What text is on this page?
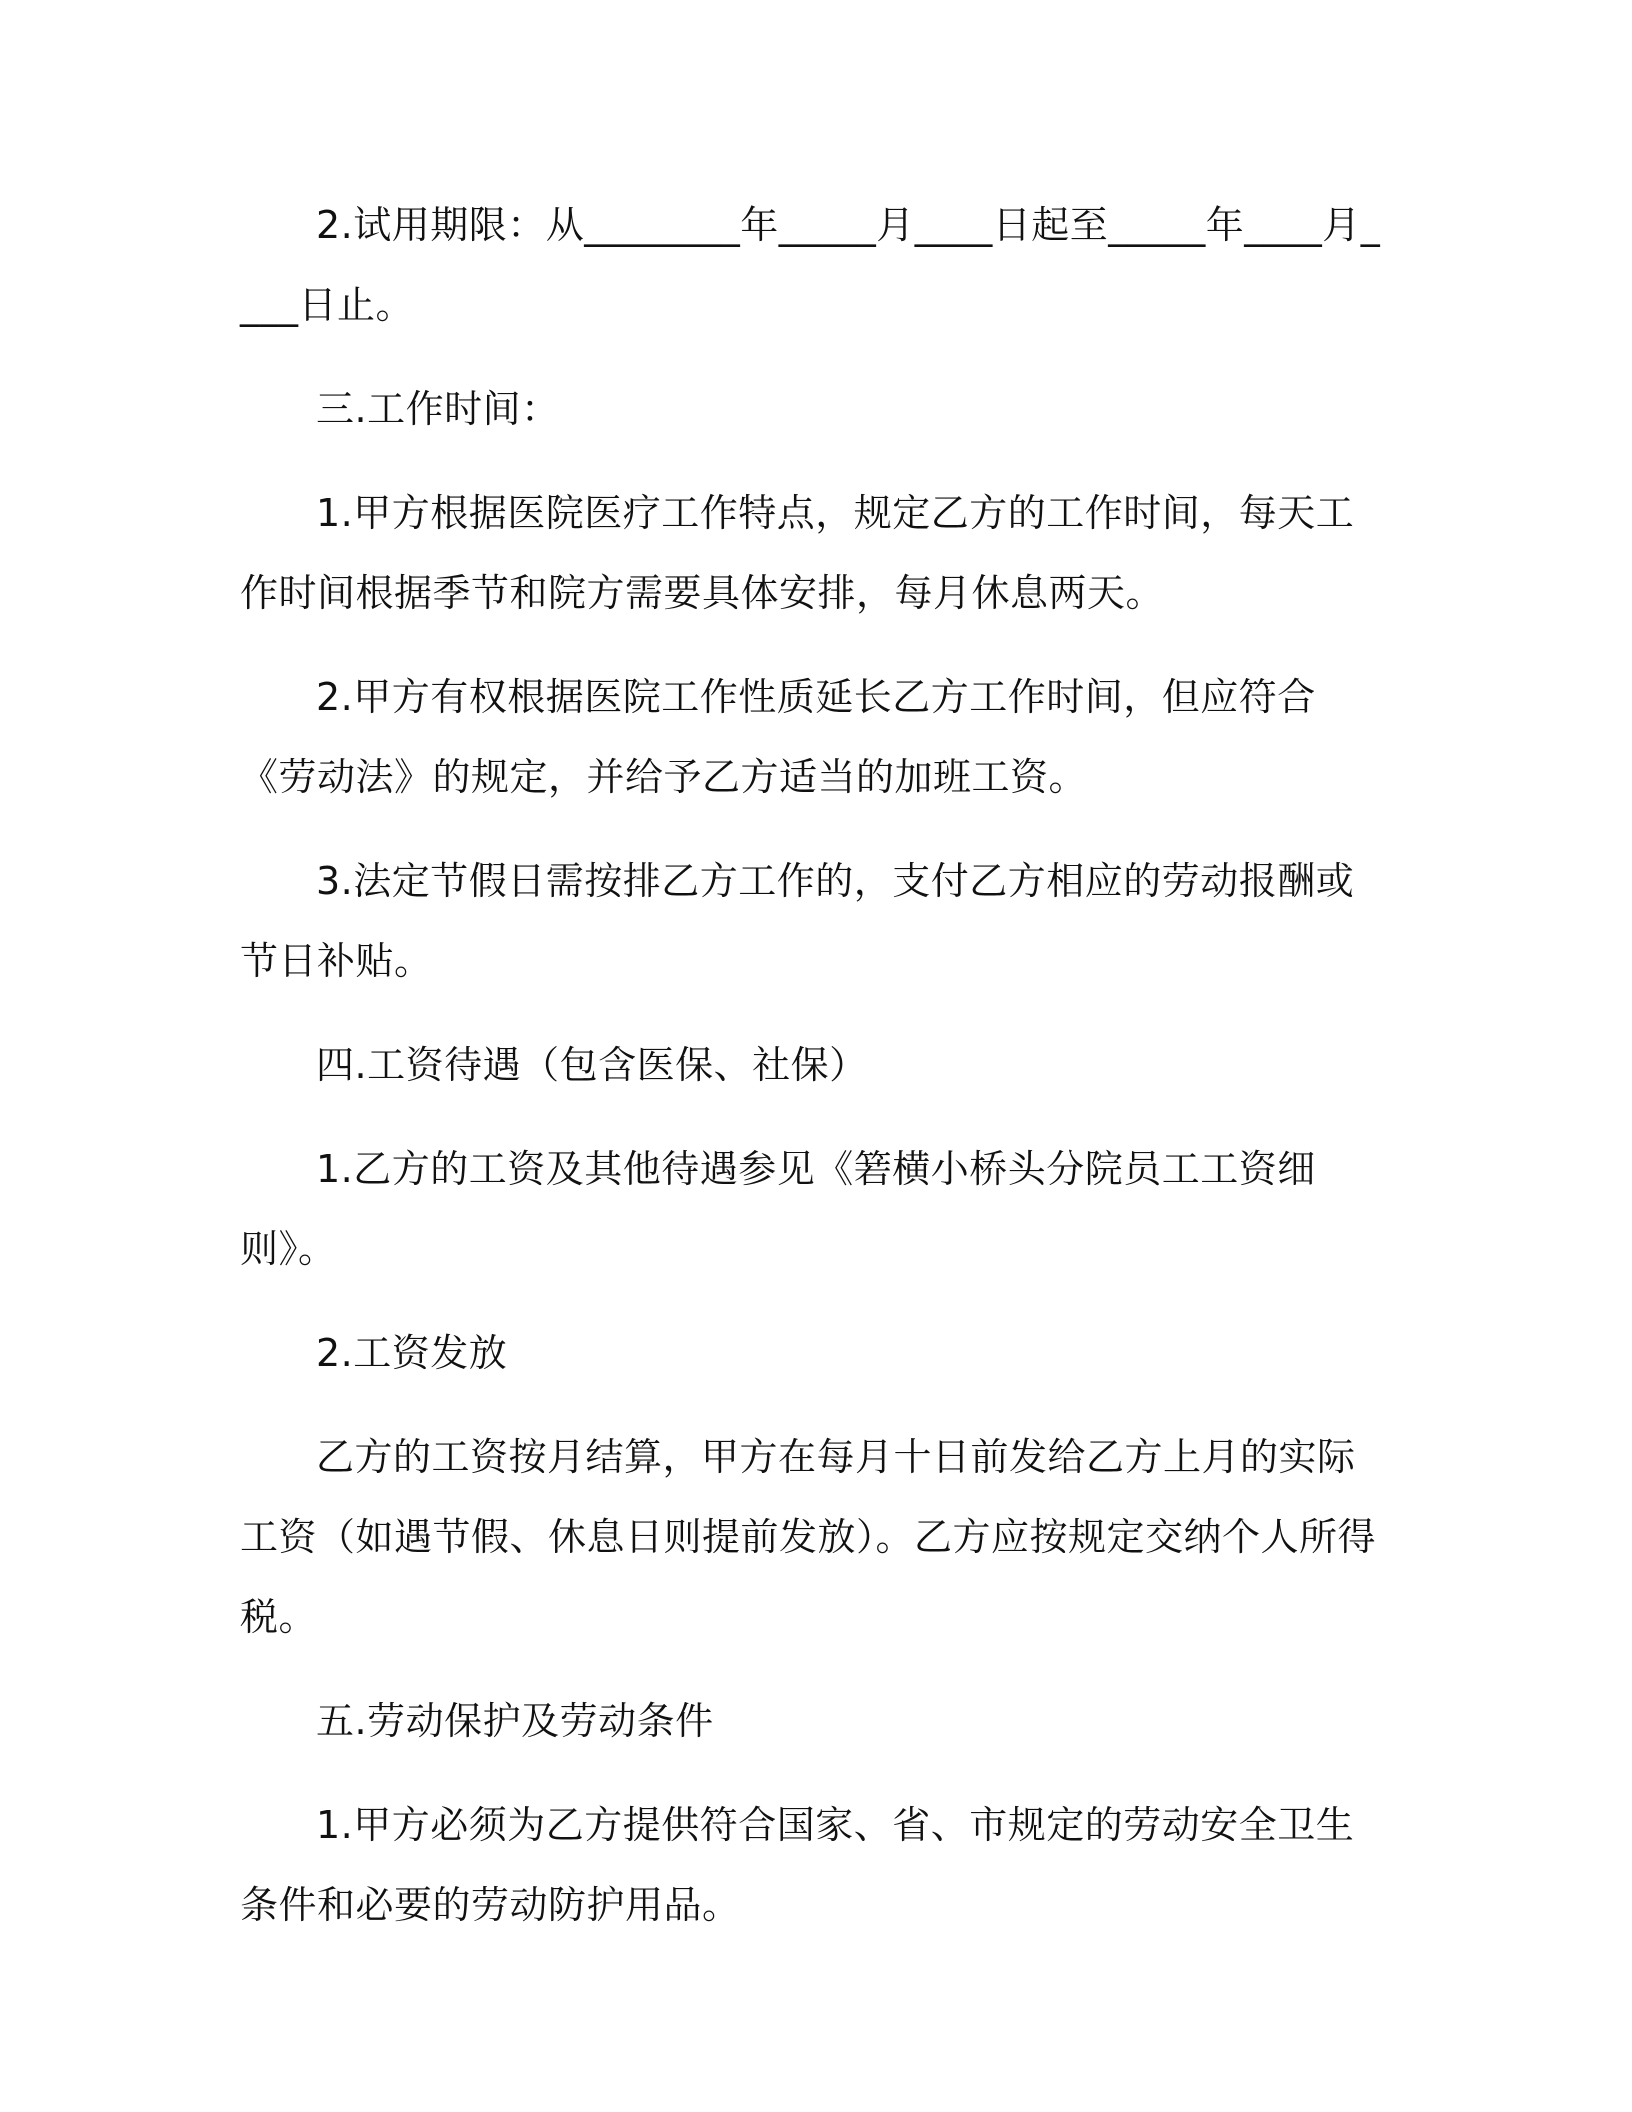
2.试用期限：从________年_____月____日起至_____年____月____日止。

三.工作时间：

1.甲方根据医院医疗工作特点，规定乙方的工作时间，每天工作时间根据季节和院方需要具体安排，每月休息两天。

2.甲方有权根据医院工作性质延长乙方工作时间，但应符合《劳动法》的规定，并给予乙方适当的加班工资。

3.法定节假日需按排乙方工作的，支付乙方相应的劳动报酬或节日补贴。

四.工资待遇（包含医保、社保）

1.乙方的工资及其他待遇参见《箬横小桥头分院员工工资细则》。

2.工资发放

乙方的工资按月结算，甲方在每月十日前发给乙方上月的实际工资（如遇节假、休息日则提前发放）。乙方应按规定交纳个人所得税。

五.劳动保护及劳动条件

1.甲方必须为乙方提供符合国家、省、市规定的劳动安全卫生条件和必要的劳动防护用品。
